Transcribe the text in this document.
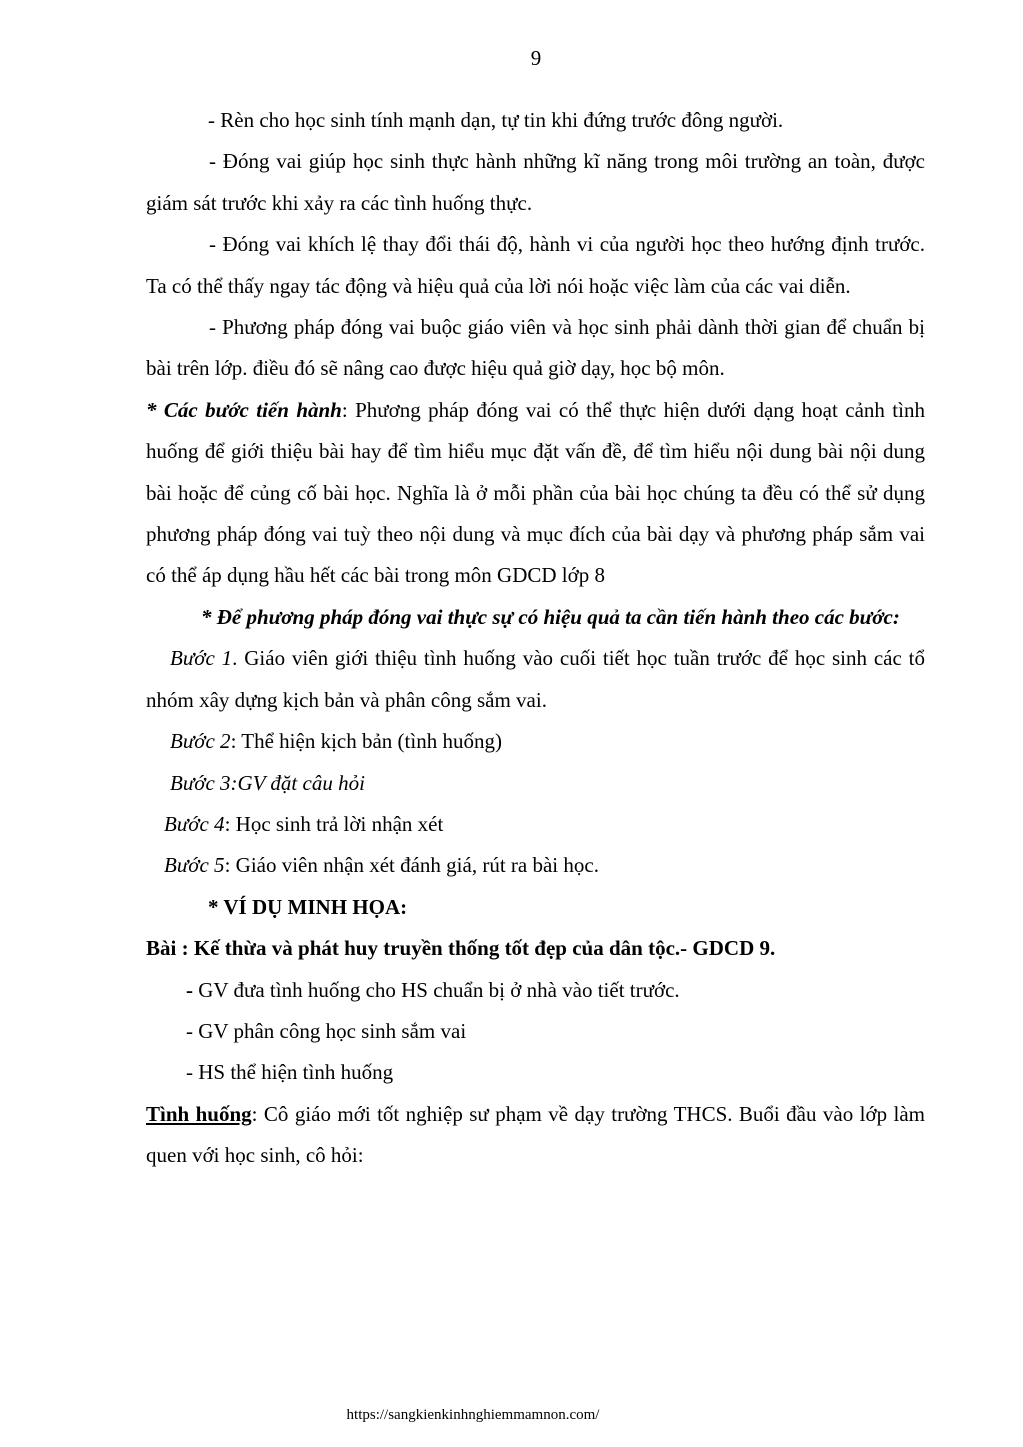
9

- Rèn cho học sinh tính mạnh dạn, tự tin khi đứng trước đông người.

- Đóng vai giúp học sinh thực hành những kĩ năng trong môi trường an toàn, được giám sát trước khi xảy ra các tình huống thực.

- Đóng vai khích lệ thay đổi thái độ, hành vi của người học theo hướng định trước. Ta có thể thấy ngay tác động và hiệu quả của lời nói hoặc việc làm của các vai diễn.

- Phương pháp đóng vai buộc giáo viên và học sinh phải dành thời gian để chuẩn bị bài trên lớp. điều đó sẽ nâng cao được hiệu quả giờ dạy, học bộ môn.

* Các bước tiến hành: Phương pháp đóng vai có thể thực hiện dưới dạng hoạt cảnh tình huống để giới thiệu bài hay để tìm hiểu mục đặt vấn đề, để tìm hiểu nội dung bài nội dung bài hoặc để củng cố bài học. Nghĩa là ở mỗi phần của bài học chúng ta đều có thể sử dụng phương pháp đóng vai tuỳ theo nội dung và mục đích của bài dạy và phương pháp sắm vai có thể áp dụng hầu hết các bài trong môn GDCD lớp 8

* Để phương pháp đóng vai thực sự có hiệu quả ta cần tiến hành theo các bước:

Bước 1. Giáo viên giới thiệu tình huống vào cuối tiết học tuần trước để học sinh các tổ nhóm xây dựng kịch bản và phân công sắm vai.

Bước 2: Thể hiện kịch bản (tình huống)

Bước 3:GV đặt câu hỏi

Bước 4: Học sinh trả lời nhận xét

Bước 5: Giáo viên nhận xét đánh giá, rút ra bài học.

* VÍ DỤ MINH HỌA:

Bài : Kế thừa và phát huy truyền thống tốt đẹp của dân tộc.- GDCD 9.

- GV đưa tình huống cho HS chuẩn bị ở nhà vào tiết trước.

- GV phân công học sinh sắm vai

- HS thể hiện tình huống

Tình huống: Cô giáo mới tốt nghiệp sư phạm về dạy trường THCS. Buổi đầu vào lớp làm quen với học sinh, cô hỏi:

https://sangkienkinhnghiemmamnon.com/
